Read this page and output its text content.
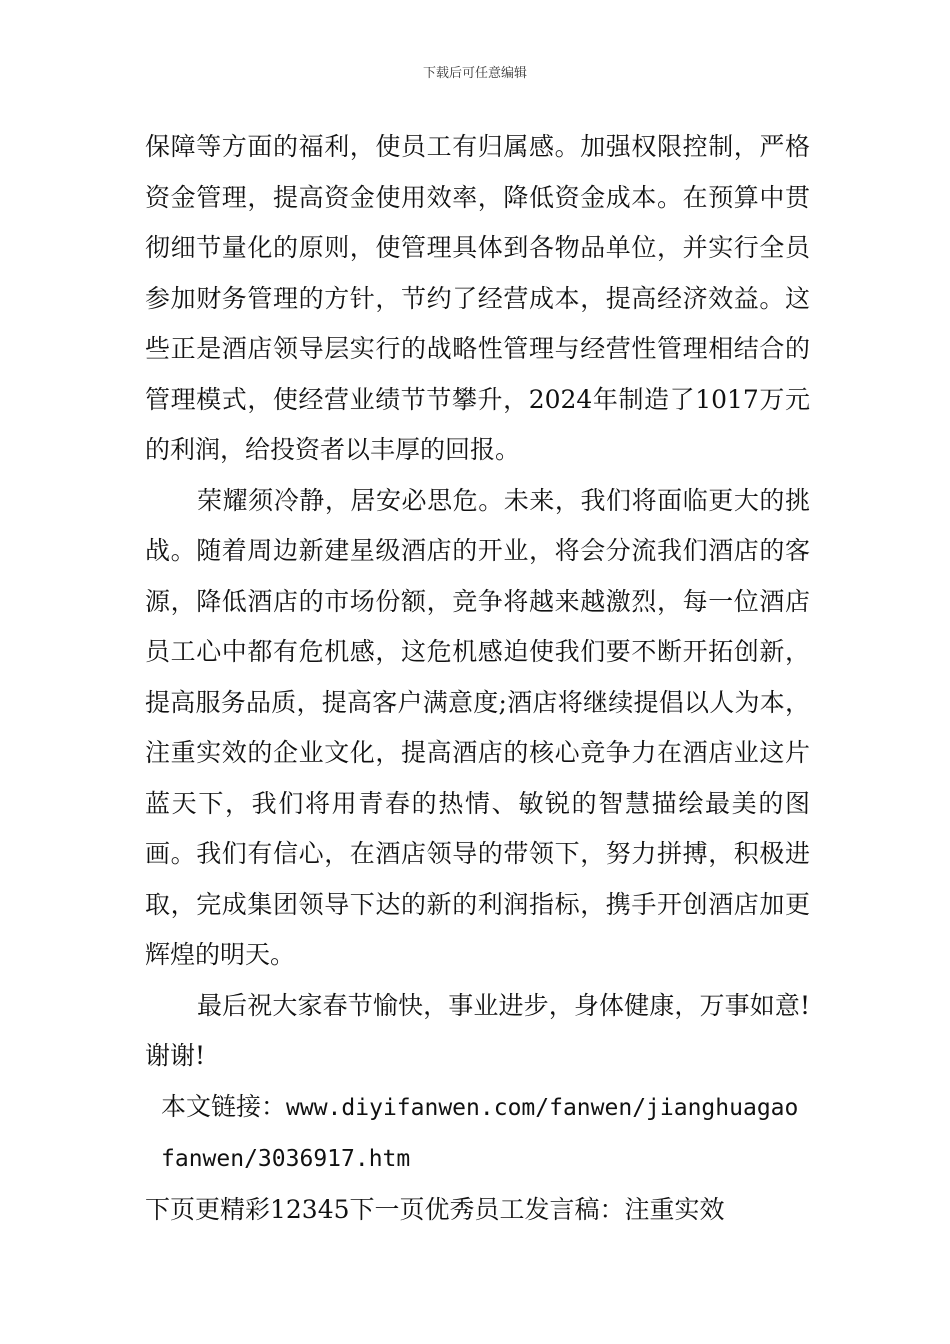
下载后可任意编辑

保障等方面的福利，使员工有归属感。加强权限控制，严格资金管理，提高资金使用效率，降低资金成本。在预算中贯彻细节量化的原则，使管理具体到各物品单位，并实行全员参加财务管理的方针，节约了经营成本，提高经济效益。这些正是酒店领导层实行的战略性管理与经营性管理相结合的管理模式，使经营业绩节节攀升，2024年制造了1017万元的利润，给投资者以丰厚的回报。

荣耀须冷静，居安必思危。未来，我们将面临更大的挑战。随着周边新建星级酒店的开业，将会分流我们酒店的客源，降低酒店的市场份额，竞争将越来越激烈，每一位酒店员工心中都有危机感，这危机感迫使我们要不断开拓创新，提高服务品质，提高客户满意度;酒店将继续提倡以人为本，注重实效的企业文化，提高酒店的核心竞争力在酒店业这片蓝天下，我们将用青春的热情、敏锐的智慧描绘最美的图画。我们有信心，在酒店领导的带领下，努力拼搏，积极进取，完成集团领导下达的新的利润指标，携手开创酒店加更辉煌的明天。

最后祝大家春节愉快，事业进步，身体健康，万事如意!谢谢!

本文链接：www.diyifanwen.com/fanwen/jianghuagaofanwen/3036917.htm

下页更精彩12345下一页优秀员工发言稿：注重实效
